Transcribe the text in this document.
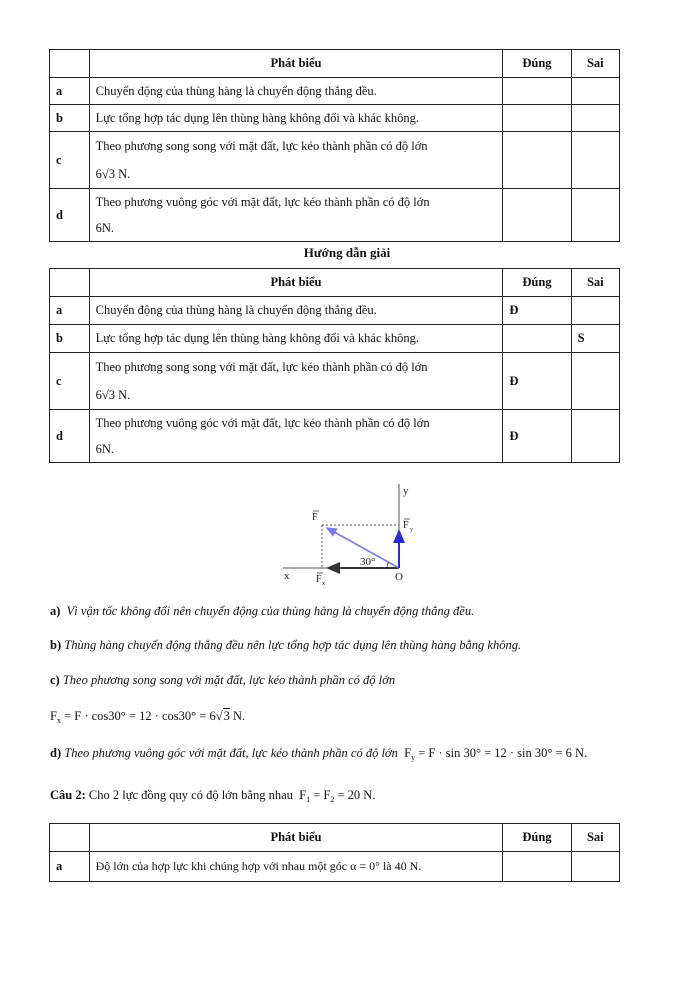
	Phát biểu	Đúng	Sai
a	Chuyển động của thùng hàng là chuyển động thẳng đều.		
b	Lực tổng hợp tác dụng lên thùng hàng không đổi và khác không.		
c	Theo phương song song với mặt đất, lực kéo thành phần có độ lớn
6√3 N.		

d	Theo phương vuông góc với mặt đất, lực kéo thành phần có độ lớn
6N.		

Hướng dẫn giải
	Phát biểu	Đúng	Sai
a	Chuyển động của thùng hàng là chuyển động thẳng đều.	Đ	
b	Lực tổng hợp tác dụng lên thùng hàng không đổi và khác không.		S
c	Theo phương song song với mặt đất, lực kéo thành phần có độ lớn
6√3 N.	Đ	
d	Theo phương vuông góc với mặt đất, lực kéo thành phần có độ lớn
6N.	Đ	
y
x	O
30°
F
F y
F x
a) Vì vận tốc không đổi nên chuyển động của thùng hàng là chuyển động thẳng đều.
b) Thùng hàng chuyển động thẳng đều nên lực tổng hợp tác dụng lên thùng hàng bằng không.
c) Theo phương song song với mặt đất, lực kéo thành phần có độ lớn
$F_x = F \cdot \cos 30^\circ = 12 \cdot \cos 30^\circ = 6√3$ N.
d) Theo phương vuông góc với mặt đất, lực kéo thành phần có độ lớn $F_y = F \cdot \sin 30^\circ = 12 \cdot \sin 30^\circ = 6$ N.
Câu 2: Cho 2 lực đồng quy có độ lớn bằng nhau $F_1 = F_2 = 20$ N.
	Phát biểu	Đúng	Sai
a	Độ lớn của hợp lực khi chúng hợp với nhau một góc α = 0° là 40 N.		
